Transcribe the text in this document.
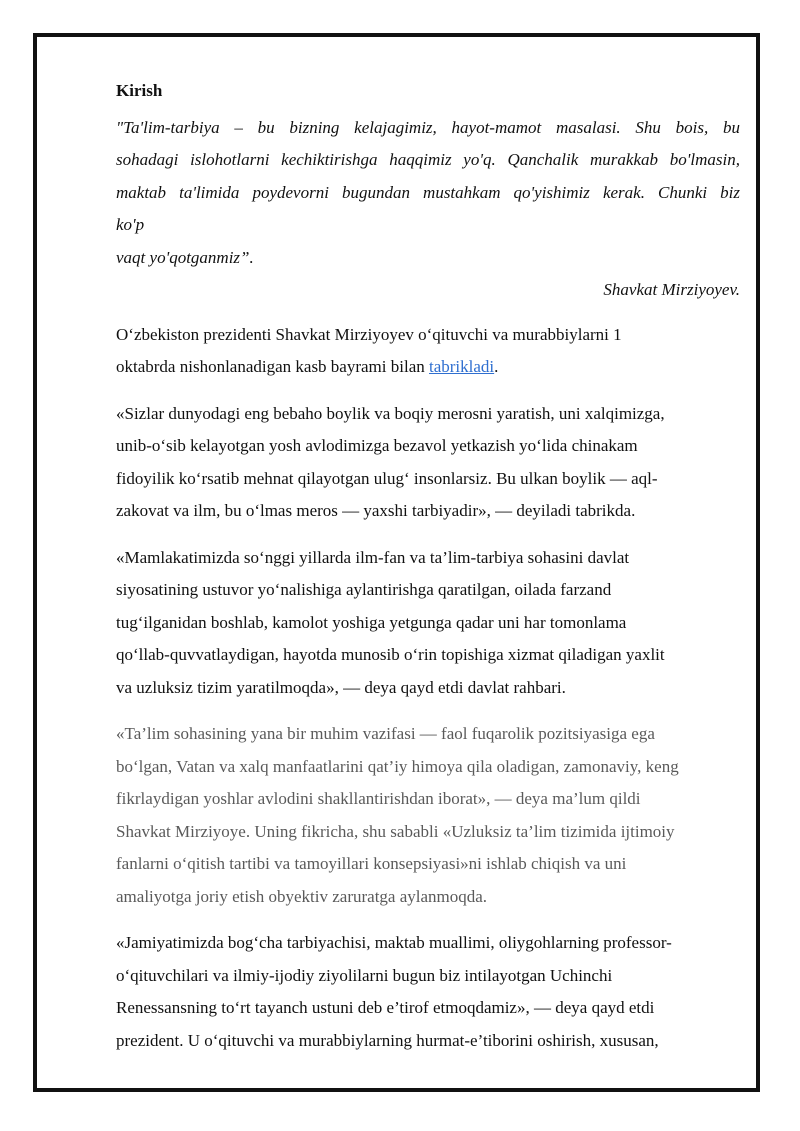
Kirish
"Ta'lim-tarbiya – bu bizning kelajagimiz, hayot-mamot masalasi. Shu bois, bu
sohadagi islohotlarni kechiktirishga haqqimiz yo'q. Qanchalik murakkab bo'lmasin,
maktab ta'limida poydevorni bugundan mustahkam qo'yishimiz kerak. Chunki biz
ko'p
vaqt yo'qotganmiz”.
Shavkat Mirziyoyev.
O‘zbekiston prezidenti Shavkat Mirziyoyev o‘qituvchi va murabbiylarni 1
oktabrda nishonlanadigan kasb bayrami bilan tabrikladi.
«Sizlar dunyodagi eng bebaho boylik va boqiy merosni yaratish, uni xalqimizga,
unib-o‘sib kelayotgan yosh avlodimizga bezavol yetkazish yo‘lida chinakam
fidoyilik ko‘rsatib mehnat qilayotgan ulug‘ insonlarsiz. Bu ulkan boylik — aql-
zakovat va ilm, bu o‘lmas meros — yaxshi tarbiyadir», — deyiladi tabrikda.
«Mamlakatimizda so‘nggi yillarda ilm-fan va ta’lim-tarbiya sohasini davlat
siyosatining ustuvor yo‘nalishiga aylantirishga qaratilgan, oilada farzand
tug‘ilganidan boshlab, kamolot yoshiga yetgunga qadar uni har tomonlama
qo‘llab-quvvatlaydigan, hayotda munosib o‘rin topishiga xizmat qiladigan yaxlit
va uzluksiz tizim yaratilmoqda», — deya qayd etdi davlat rahbari.
«Ta’lim sohasining yana bir muhim vazifasi — faol fuqarolik pozitsiyasiga ega
bo‘lgan, Vatan va xalq manfaatlarini qat’iy himoya qila oladigan, zamonaviy, keng
fikrlaydigan yoshlar avlodini shakllantirishdan iborat», — deya ma’lum qildi
Shavkat Mirziyoye. Uning fikricha, shu sababli «Uzluksiz ta’lim tizimida ijtimoiy
fanlarni o‘qitish tartibi va tamoyillari konsepsiyasi»ni ishlab chiqish va uni
amaliyotga joriy etish obyektiv zaruratga aylanmoqda.
«Jamiyatimizda bog‘cha tarbiyachisi, maktab muallimi, oliygohlarning professor-
o‘qituvchilari va ilmiy-ijodiy ziyolilarni bugun biz intilayotgan Uchinchi
Renessansning to‘rt tayanch ustuni deb e’tirof etmoqdamiz», — deya qayd etdi
prezident. U o‘qituvchi va murabbiylarning hurmat-e’tiborini oshirish, xususan,
